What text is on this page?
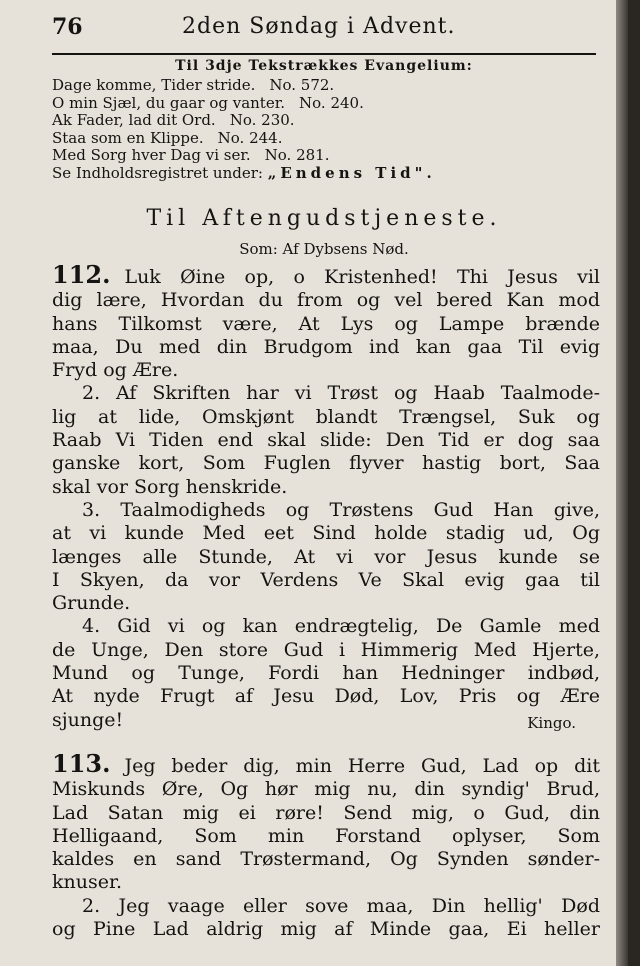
76	2den Søndag i Advent.
Til 3dje Tekstrækkes Evangelium:
Dage komme, Tider stride. No. 572.
O min Sjæl, du gaar og vanter. No. 240.
Ak Fader, lad dit Ord. No. 230.
Staa som en Klippe. No. 244.
Med Sorg hver Dag vi ser. No. 281.
Se Indholdsregistret under: „Endens Tid".
Til Aftengudstjeneste.
Som: Af Dybsens Nød.
112. Luk Øine op, o Kristenhed! Thi Jesus vil
dig lære, Hvordan du from og vel bered Kan mod
hans Tilkomst være, At Lys og Lampe brænde
maa, Du med din Brudgom ind kan gaa Til evig
Fryd og Ære.
2. Af Skriften har vi Trøst og Haab Taalmode-
lig at lide, Omskjønt blandt Trængsel, Suk og
Raab Vi Tiden end skal slide: Den Tid er dog saa
ganske kort, Som Fuglen flyver hastig bort, Saa
skal vor Sorg henskride.
3. Taalmodigheds og Trøstens Gud Han give,
at vi kunde Med eet Sind holde stadig ud, Og
længes alle Stunde, At vi vor Jesus kunde se
I Skyen, da vor Verdens Ve Skal evig gaa til
Grunde.
4. Gid vi og kan endrægtelig, De Gamle med
de Unge, Den store Gud i Himmerig Med Hjerte,
Mund og Tunge, Fordi han Hedninger indbød,
At nyde Frugt af Jesu Død, Lov, Pris og Ære
sjunge!	Kingo.
113. Jeg beder dig, min Herre Gud, Lad op dit
Miskunds Øre, Og hør mig nu, din syndig' Brud,
Lad Satan mig ei røre! Send mig, o Gud, din
Helligaand, Som min Forstand oplyser, Som
kaldes en sand Trøstermand, Og Synden sønder-
knuser.
2. Jeg vaage eller sove maa, Din hellig' Død
og Pine Lad aldrig mig af Minde gaa, Ei heller
